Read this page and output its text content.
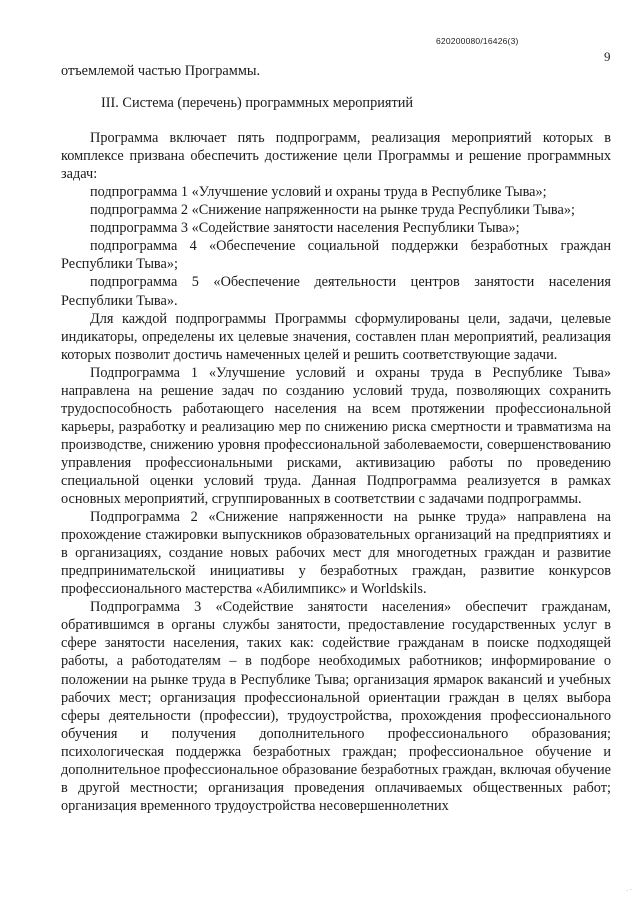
620200080/16426(3)
9

отъемлемой частью Программы.

III. Система (перечень) программных мероприятий

Программа включает пять подпрограмм, реализация мероприятий которых в комплексе призвана обеспечить достижение цели Программы и решение программных задач:

подпрограмма 1 «Улучшение условий и охраны труда в Республике Тыва»;

подпрограмма 2 «Снижение напряженности на рынке труда Республики Тыва»;

подпрограмма 3 «Содействие занятости населения Республики Тыва»;

подпрограмма 4 «Обеспечение социальной поддержки безработных граждан Республики Тыва»;

подпрограмма 5 «Обеспечение деятельности центров занятости населения Республики Тыва».

Для каждой подпрограммы Программы сформулированы цели, задачи, целевые индикаторы, определены их целевые значения, составлен план мероприятий, реализация которых позволит достичь намеченных целей и решить соответствующие задачи.

Подпрограмма 1 «Улучшение условий и охраны труда в Республике Тыва» направлена на решение задач по созданию условий труда, позволяющих сохранить трудоспособность работающего населения на всем протяжении профессиональной карьеры, разработку и реализацию мер по снижению риска смертности и травматизма на производстве, снижению уровня профессиональной заболеваемости, совершенствованию управления профессиональными рисками, активизацию работы по проведению специальной оценки условий труда. Данная Подпрограмма реализуется в рамках основных мероприятий, сгруппированных в соответствии с задачами подпрограммы.

Подпрограмма 2 «Снижение напряженности на рынке труда» направлена на прохождение стажировки выпускников образовательных организаций на предприятиях и в организациях, создание новых рабочих мест для многодетных граждан и развитие предпринимательской инициативы у безработных граждан, развитие конкурсов профессионального мастерства «Абилимпикс» и Worldskils.

Подпрограмма 3 «Содействие занятости населения» обеспечит гражданам, обратившимся в органы службы занятости, предоставление государственных услуг в сфере занятости населения, таких как: содействие гражданам в поиске подходящей работы, а работодателям – в подборе необходимых работников; информирование о положении на рынке труда в Республике Тыва; организация ярмарок вакансий и учебных рабочих мест; организация профессиональной ориентации граждан в целях выбора сферы деятельности (профессии), трудоустройства, прохождения профессионального обучения и получения дополнительного профессионального образования; психологическая поддержка безработных граждан; профессиональное обучение и дополнительное профессиональное образование безработных граждан, включая обучение в другой местности; организация проведения оплачиваемых общественных работ; организация временного трудоустройства несовершеннолетних

·.
